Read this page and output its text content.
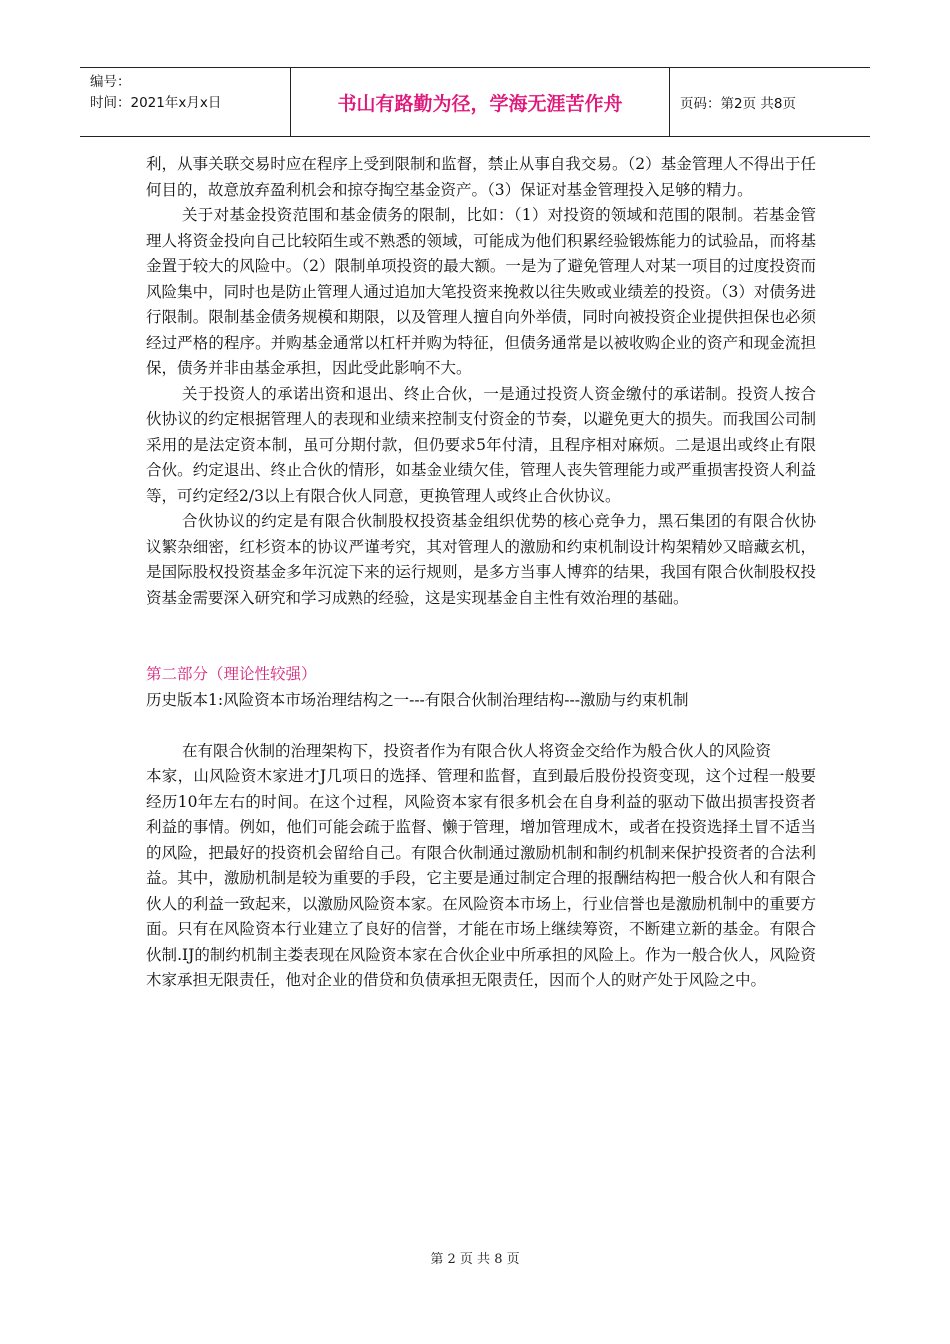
编号：
时间：2021年x月x日	书山有路勤为径，学海无涯苦作舟	页码：第2页 共8页

利，从事关联交易时应在程序上受到限制和监督，禁止从事自我交易。（2）基金管理人不得出于任何目的，故意放弃盈利机会和掠夺掏空基金资产。（3）保证对基金管理投入足够的精力。

关于对基金投资范围和基金债务的限制，比如：（1）对投资的领域和范围的限制。若基金管理人将资金投向自己比较陌生或不熟悉的领域，可能成为他们积累经验锻炼能力的试验品，而将基金置于较大的风险中。（2）限制单项投资的最大额。一是为了避免管理人对某一项目的过度投资而风险集中，同时也是防止管理人通过追加大笔投资来挽救以往失败或业绩差的投资。（3）对债务进行限制。限制基金债务规模和期限，以及管理人擅自向外举债，同时向被投资企业提供担保也必须经过严格的程序。并购基金通常以杠杆并购为特征，但债务通常是以被收购企业的资产和现金流担保，债务并非由基金承担，因此受此影响不大。

关于投资人的承诺出资和退出、终止合伙，一是通过投资人资金缴付的承诺制。投资人按合伙协议的约定根据管理人的表现和业绩来控制支付资金的节奏，以避免更大的损失。而我国公司制采用的是法定资本制，虽可分期付款，但仍要求5年付清，且程序相对麻烦。二是退出或终止有限合伙。约定退出、终止合伙的情形，如基金业绩欠佳，管理人丧失管理能力或严重损害投资人利益等，可约定经2/3以上有限合伙人同意，更换管理人或终止合伙协议。

合伙协议的约定是有限合伙制股权投资基金组织优势的核心竞争力，黑石集团的有限合伙协议繁杂细密，红杉资本的协议严谨考究，其对管理人的激励和约束机制设计构架精妙又暗藏玄机，是国际股权投资基金多年沉淀下来的运行规则，是多方当事人博弈的结果，我国有限合伙制股权投资基金需要深入研究和学习成熟的经验，这是实现基金自主性有效治理的基础。

第二部分（理论性较强）

历史版本1:风险资本市场治理结构之一---有限合伙制治理结构---激励与约束机制

在有限合伙制的治理架构下，投资者作为有限合伙人将资金交给作为般合伙人的风险资

本家，山风险资木家进才J几项日的选择、管理和监督，直到最后股份投资变现，这个过程一般要经历10年左右的时间。在这个过程，风险资本家有很多机会在自身利益的驱动下做出损害投资者利益的事情。例如，他们可能会疏于监督、懒于管理，增加管理成木，或者在投资选择土冒不适当的风险，把最好的投资机会留给自己。有限合伙制通过激励机制和制约机制来保护投资者的合法利益。其中，激励机制是较为重要的手段，它主要是通过制定合理的报酬结构把一般合伙人和有限合伙人的利益一致起来，以激励风险资本家。在风险资本市场上，行业信誉也是激励机制中的重要方面。只有在风险资本行业建立了良好的信誉，才能在市场上继续筹资，不断建立新的基金。有限合伙制.IJ的制约机制主娄表现在风险资本家在合伙企业中所承担的风险上。作为一般合伙人，风险资木家承担无限责任，他对企业的借贷和负债承担无限责任，因而个人的财产处于风险之中。

第 2 页 共 8 页
